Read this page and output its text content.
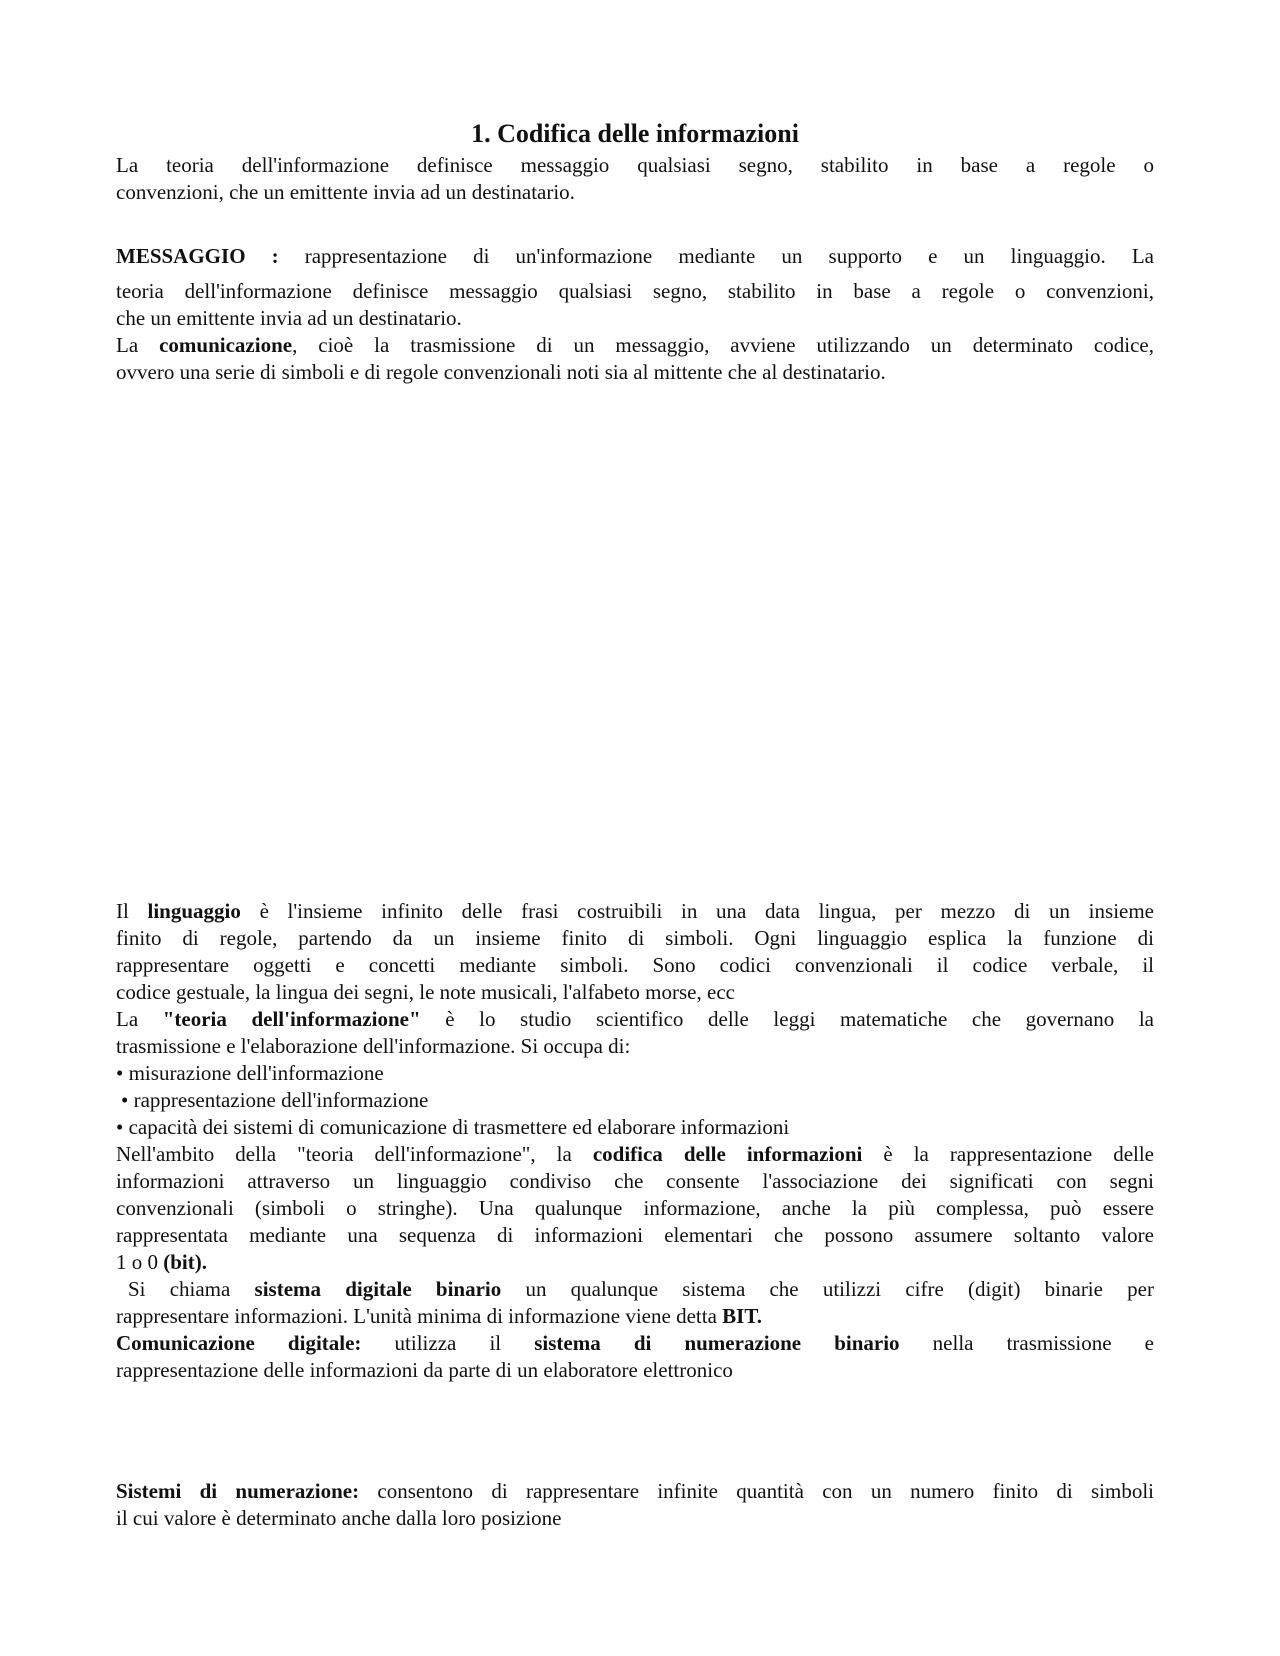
1. Codifica delle informazioni

La teoria dell'informazione definisce messaggio qualsiasi segno, stabilito in base a regole o

convenzioni, che un emittente invia ad un destinatario.

MESSAGGIO : rappresentazione di un'informazione mediante un supporto e un linguaggio. La

teoria dell'informazione definisce messaggio qualsiasi segno, stabilito in base a regole o convenzioni,

che un emittente invia ad un destinatario.

La comunicazione, cioè la trasmissione di un messaggio, avviene utilizzando un determinato codice,

ovvero una serie di simboli e di regole convenzionali noti sia al mittente che al destinatario.

Il linguaggio è l'insieme infinito delle frasi costruibili in una data lingua, per mezzo di un insieme

finito di regole, partendo da un insieme finito di simboli. Ogni linguaggio esplica la funzione di

rappresentare oggetti e concetti mediante simboli. Sono codici convenzionali il codice verbale, il

codice gestuale, la lingua dei segni, le note musicali, l'alfabeto morse, ecc

La "teoria dell'informazione" è lo studio scientifico delle leggi matematiche che governano la

trasmissione e l'elaborazione dell'informazione. Si occupa di:

• misurazione dell'informazione

• rappresentazione dell'informazione

• capacità dei sistemi di comunicazione di trasmettere ed elaborare informazioni

Nell'ambito della "teoria dell'informazione", la codifica delle informazioni è la rappresentazione delle

informazioni attraverso un linguaggio condiviso che consente l'associazione dei significati con segni

convenzionali (simboli o stringhe). Una qualunque informazione, anche la più complessa, può essere

rappresentata mediante una sequenza di informazioni elementari che possono assumere soltanto valore

1 o 0 (bit).

Si chiama sistema digitale binario un qualunque sistema che utilizzi cifre (digit) binarie per

rappresentare informazioni. L'unità minima di informazione viene detta BIT.

Comunicazione digitale: utilizza il sistema di numerazione binario nella trasmissione e

rappresentazione delle informazioni da parte di un elaboratore elettronico

Sistemi di numerazione: consentono di rappresentare infinite quantità con un numero finito di simboli

il cui valore è determinato anche dalla loro posizione
